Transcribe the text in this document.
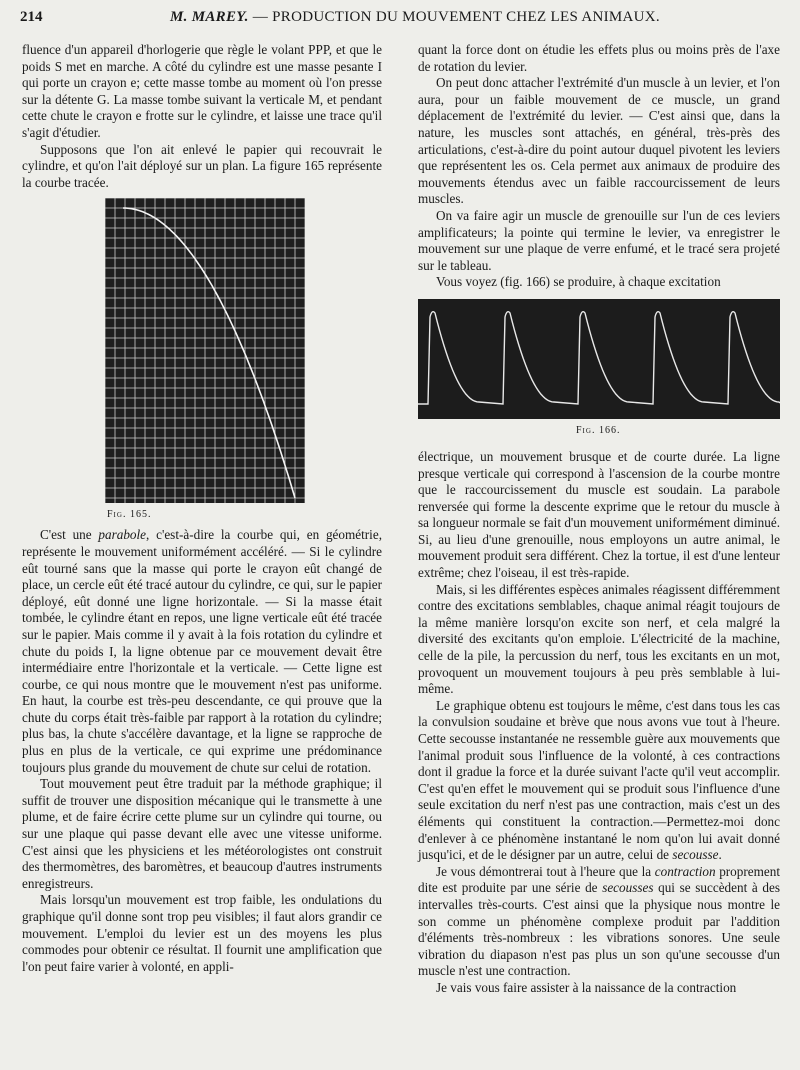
214	M. MAREY. — PRODUCTION DU MOUVEMENT CHEZ LES ANIMAUX.

fluence d'un appareil d'horlogerie que règle le volant PPP, et que le poids S met en marche. A côté du cylindre est une masse pesante I qui porte un crayon e; cette masse tombe au moment où l'on presse sur la détente G. La masse tombe suivant la verticale M, et pendant cette chute le crayon e frotte sur le cylindre, et laisse une trace qu'il s'agit d'étudier.

Supposons que l'on ait enlevé le papier qui recouvrait le cylindre, et qu'on l'ait déployé sur un plan. La figure 165 représente la courbe tracée.

Fig. 165.

C'est une parabole, c'est-à-dire la courbe qui, en géométrie, représente le mouvement uniformément accéléré. — Si le cylindre eût tourné sans que la masse qui porte le crayon eût changé de place, un cercle eût été tracé autour du cylindre, ce qui, sur le papier déployé, eût donné une ligne horizontale. — Si la masse était tombée, le cylindre étant en repos, une ligne verticale eût été tracée sur le papier. Mais comme il y avait à la fois rotation du cylindre et chute du poids I, la ligne obtenue par ce mouvement devait être intermédiaire entre l'horizontale et la verticale. — Cette ligne est courbe, ce qui nous montre que le mouvement n'est pas uniforme. En haut, la courbe est très-peu descendante, ce qui prouve que la chute du corps était très-faible par rapport à la rotation du cylindre; plus bas, la chute s'accélère davantage, et la ligne se rapproche de plus en plus de la verticale, ce qui exprime une prédominance toujours plus grande du mouvement de chute sur celui de rotation.

Tout mouvement peut être traduit par la méthode graphique; il suffit de trouver une disposition mécanique qui le transmette à une plume, et de faire écrire cette plume sur un cylindre qui tourne, ou sur une plaque qui passe devant elle avec une vitesse uniforme. C'est ainsi que les physiciens et les météorologistes ont construit des thermomètres, des baromètres, et beaucoup d'autres instruments enregistreurs.

Mais lorsqu'un mouvement est trop faible, les ondulations du graphique qu'il donne sont trop peu visibles; il faut alors grandir ce mouvement. L'emploi du levier est un des moyens les plus commodes pour obtenir ce résultat. Il fournit une amplification que l'on peut faire varier à volonté, en appli-

quant la force dont on étudie les effets plus ou moins près de l'axe de rotation du levier.

On peut donc attacher l'extrémité d'un muscle à un levier, et l'on aura, pour un faible mouvement de ce muscle, un grand déplacement de l'extrémité du levier. — C'est ainsi que, dans la nature, les muscles sont attachés, en général, très-près des articulations, c'est-à-dire du point autour duquel pivotent les leviers que représentent les os. Cela permet aux animaux de produire des mouvements étendus avec un faible raccourcissement de leurs muscles.

On va faire agir un muscle de grenouille sur l'un de ces leviers amplificateurs; la pointe qui termine le levier, va enregistrer le mouvement sur une plaque de verre enfumé, et le tracé sera projeté sur le tableau.

Vous voyez (fig. 166) se produire, à chaque excitation

Fig. 166.

électrique, un mouvement brusque et de courte durée. La ligne presque verticale qui correspond à l'ascension de la courbe montre que le raccourcissement du muscle est soudain. La parabole renversée qui forme la descente exprime que le retour du muscle à sa longueur normale se fait d'un mouvement uniformément diminué. Si, au lieu d'une grenouille, nous employons un autre animal, le mouvement produit sera différent. Chez la tortue, il est d'une lenteur extrême; chez l'oiseau, il est très-rapide.

Mais, si les différentes espèces animales réagissent différemment contre des excitations semblables, chaque animal réagit toujours de la même manière lorsqu'on excite son nerf, et cela malgré la diversité des excitants qu'on emploie. L'électricité de la machine, celle de la pile, la percussion du nerf, tous les excitants en un mot, provoquent un mouvement toujours à peu près semblable à lui-même.

Le graphique obtenu est toujours le même, c'est dans tous les cas la convulsion soudaine et brève que nous avons vue tout à l'heure. Cette secousse instantanée ne ressemble guère aux mouvements que l'animal produit sous l'influence de la volonté, à ces contractions dont il gradue la force et la durée suivant l'acte qu'il veut accomplir. C'est qu'en effet le mouvement qui se produit sous l'influence d'une seule excitation du nerf n'est pas une contraction, mais c'est un des éléments qui constituent la contraction.—Permettez-moi donc d'enlever à ce phénomène instantané le nom qu'on lui avait donné jusqu'ici, et de le désigner par un autre, celui de secousse.

Je vous démontrerai tout à l'heure que la contraction proprement dite est produite par une série de secousses qui se succèdent à des intervalles très-courts. C'est ainsi que la physique nous montre le son comme un phénomène complexe produit par l'addition d'éléments très-nombreux : les vibrations sonores. Une seule vibration du diapason n'est pas plus un son qu'une secousse d'un muscle n'est une contraction.

Je vais vous faire assister à la naissance de la contraction
